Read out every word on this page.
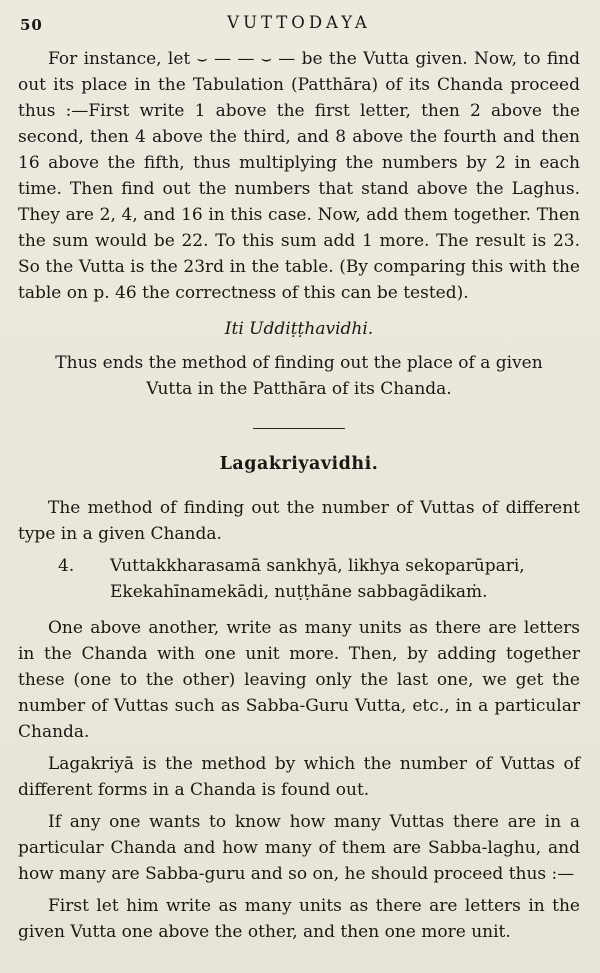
50	VUTTODAYA

For instance, let ⌣ — — ⌣ — be the Vutta given. Now, to find out its place in the Tabulation (Patthāra) of its Chanda proceed thus :—First write 1 above the first letter, then 2 above the second, then 4 above the third, and 8 above the fourth and then 16 above the fifth, thus multiplying the numbers by 2 in each time. Then find out the numbers that stand above the Laghus. They are 2, 4, and 16 in this case. Now, add them together. Then the sum would be 22. To this sum add 1 more. The result is 23. So the Vutta is the 23rd in the table. (By comparing this with the table on p. 46 the correctness of this can be tested).

Iti Uddiṭṭhavidhi.

Thus ends the method of finding out the place of a given Vutta in the Patthāra of its Chanda.

Lagakriyavidhi.

The method of finding out the number of Vuttas of different type in a given Chanda.

4. Vuttakkharasamā sankhyā, likhya sekoparūpari,
Ekekahīnamekādi, nuṭṭhāne sabbagādikaṁ.

One above another, write as many units as there are letters in the Chanda with one unit more. Then, by adding together these (one to the other) leaving only the last one, we get the number of Vuttas such as Sabba-Guru Vutta, etc., in a particular Chanda.

Lagakriyā is the method by which the number of Vuttas of different forms in a Chanda is found out.

If any one wants to know how many Vuttas there are in a particular Chanda and how many of them are Sabba-laghu, and how many are Sabba-guru and so on, he should proceed thus :—

First let him write as many units as there are letters in the given Vutta one above the other, and then one more unit.
